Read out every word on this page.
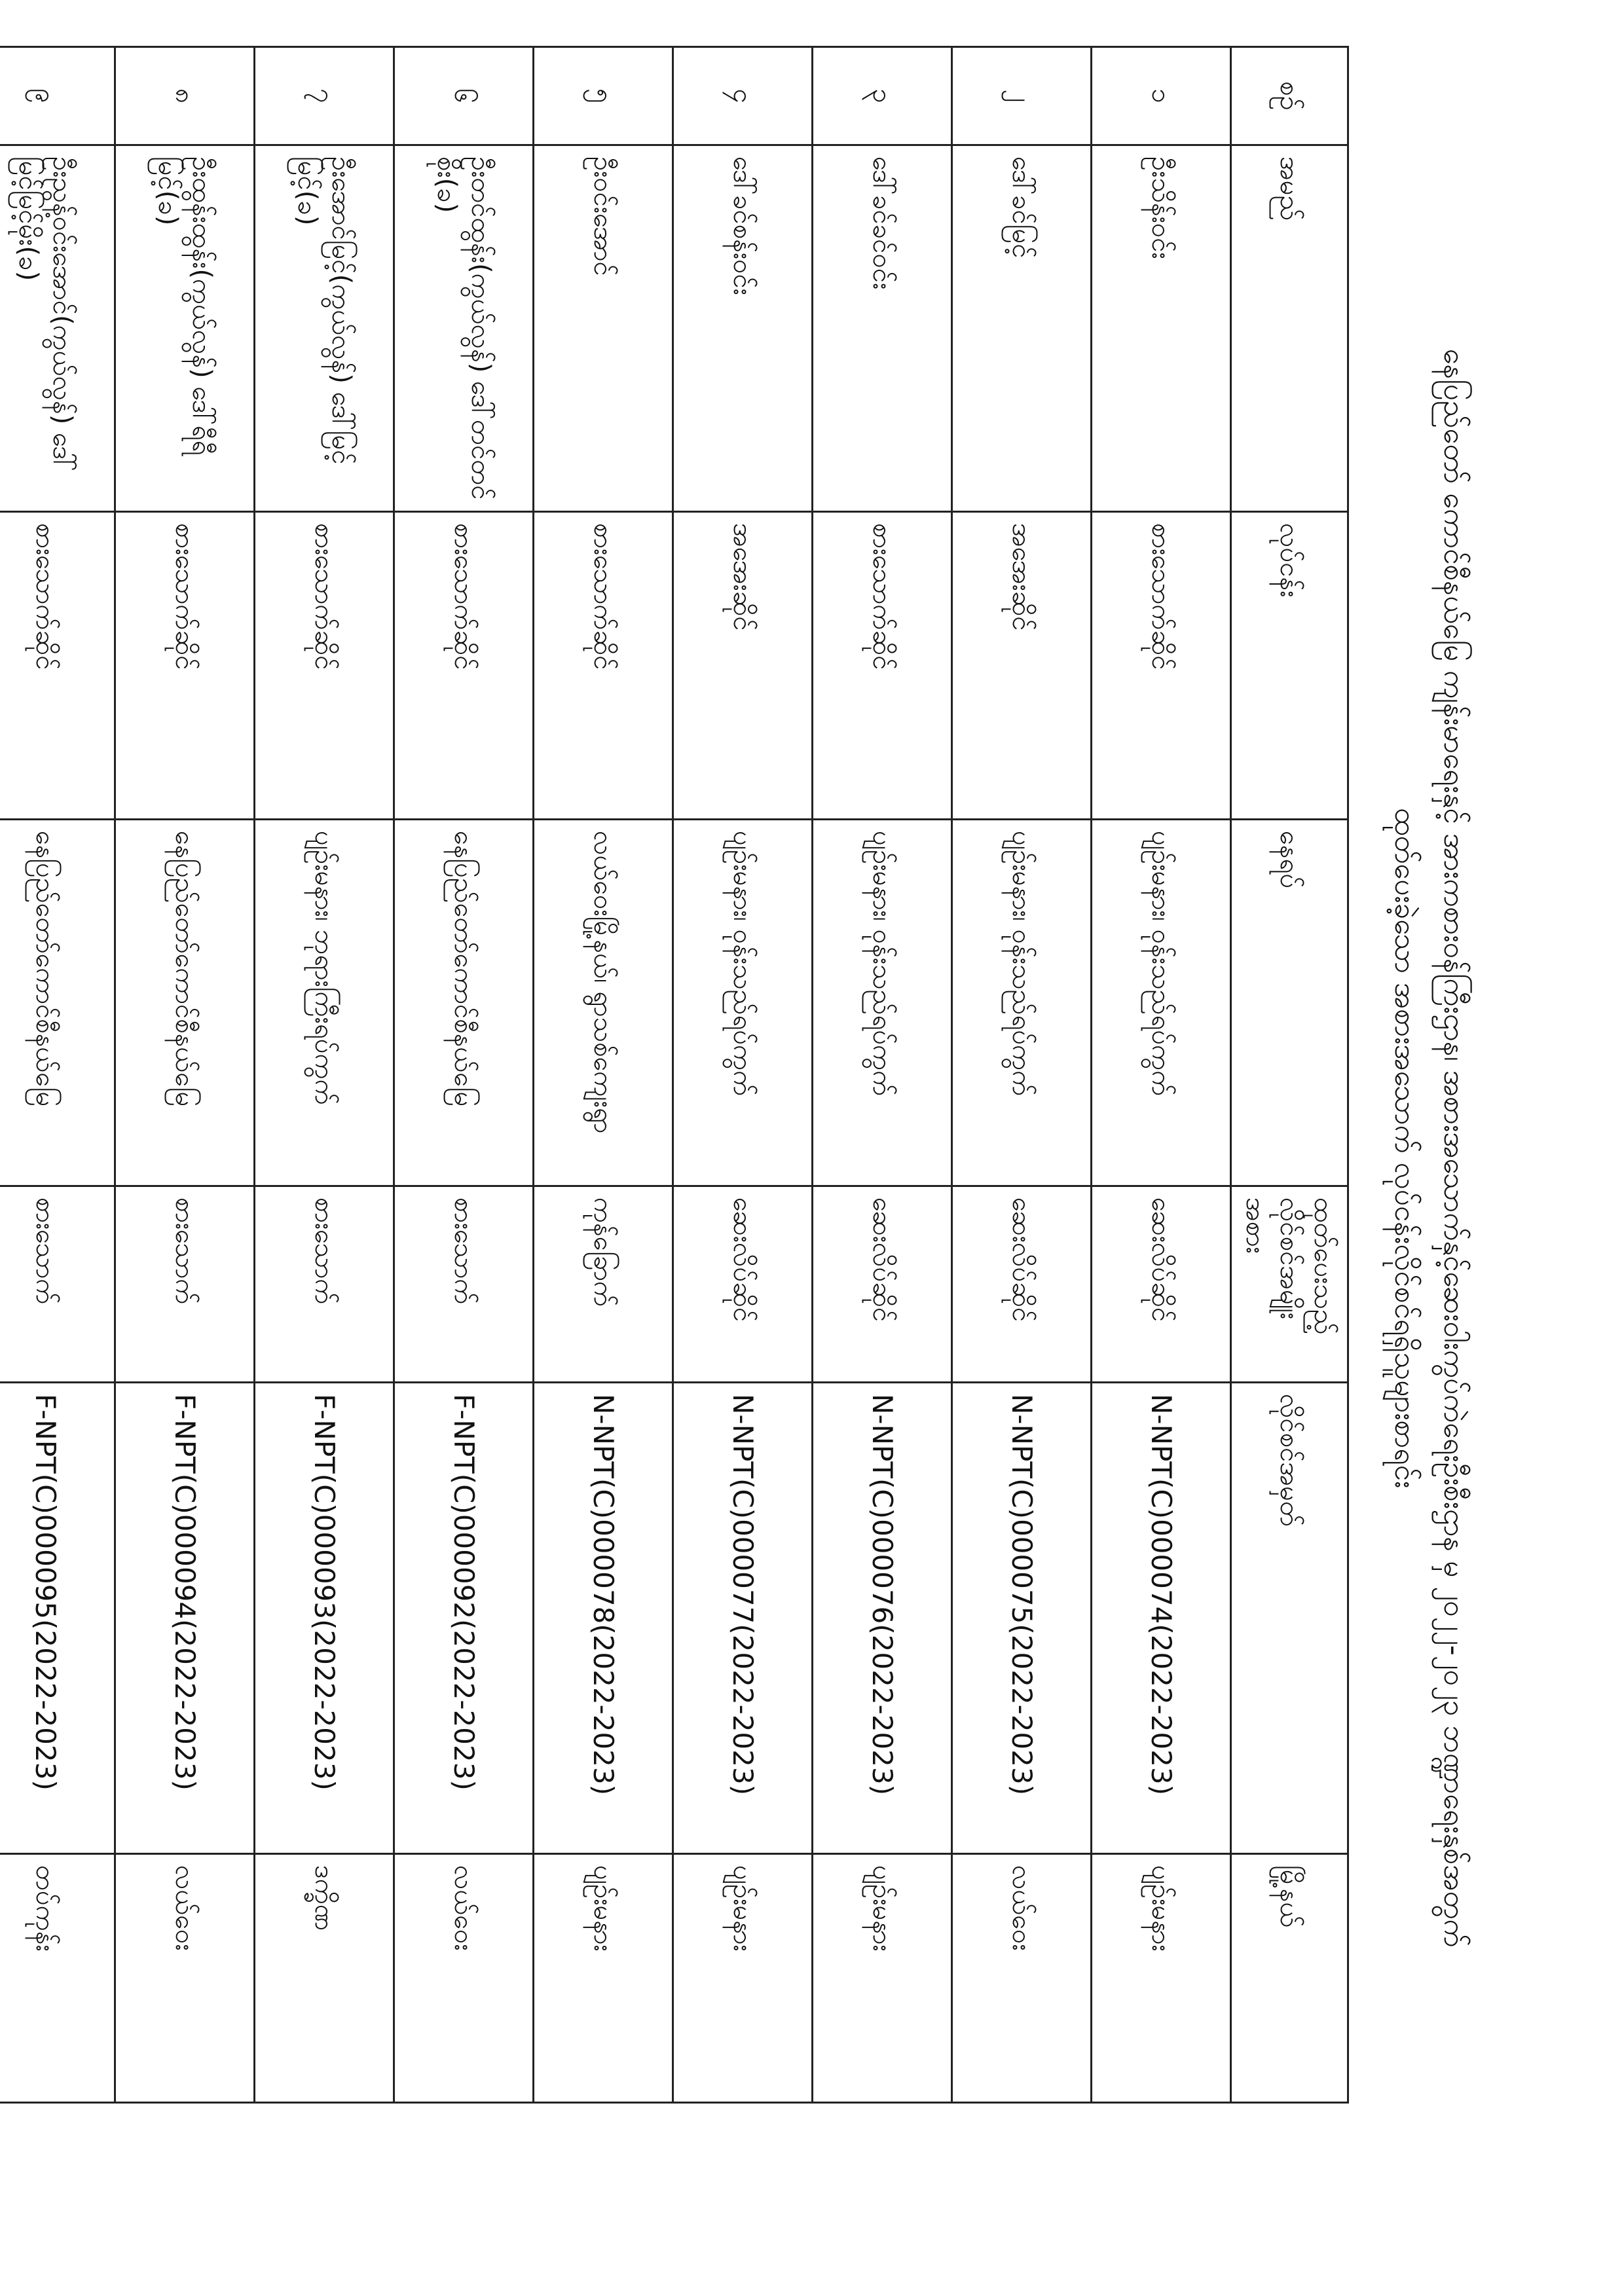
နေပြည်တော် ကောင်စီနယ်မြေ ကျန်းမာရေးနှင့် အားကစားဝန်ကြီးဌာန၊ အစားအသောက်နှင့်ဆေးဝါးကွပ်ကဲရေးဦးစီးဌာန မှ ၂၀၂၂-၂၀၂၃ ဘဏ္ဍာရေးနှစ်အတွက်
ထုတ်ပေးခဲ့သော အစားအသောက် လုပ်ငန်းလိုင်စင်ရရှိသူများစာရင်း
စဉ်	အမည်	လုပ်ငန်း	နေရပ်	ထုတ်ပေးသည့် လိုင်စင်အမျိုးအစား	လိုင်စင်အမှတ်	မြို့နယ်
၁	ဦးသိန်းဝင်း	စားသောက်ဆိုင်	ပျဉ်းမနား၊ ဝုန်းသည်ရပ်ကွက်	ဆေးလိပ်ဆိုင်	N-NPT(C)000074(2022-2023)	ပျဉ်းမနား
၂	ဒေါ်ခင်မြင့်	အအေးဆိုင်	ပျဉ်းမနား၊ ဝုန်းသည်ရပ်ကွက်	ဆေးလိပ်ဆိုင်	N-NPT(C)000075(2022-2023)	လယ်ဝေး
၃	ဒေါ်ခင်ခင်ဝင်း	စားသောက်ဆိုင်	ပျဉ်းမနား၊ ဝုန်းသည်ရပ်ကွက်	ဆေးလိပ်ဆိုင်	N-NPT(C)000076(2022-2023)	ပျဉ်းမနား
၄	ဒေါ်ခင်စန်းဝင်း	အအေးဆိုင်	ပျဉ်းမနား၊ ဝုန်းသည်ရပ်ကွက်	ဆေးလိပ်ဆိုင်	N-NPT(C)000077(2022-2023)	ပျဉ်းမနား
၅	ဦးဝင်းအောင်	စားသောက်ဆိုင်	လယ်ဝေးမြို့နယ်၊ ရွာသစ်ကျေးရွာ	ကုန်ခြောက်	N-NPT(C)000078(2022-2023)	ပျဉ်းမနား
၆	ဦးတင်ထွန်း(ကွယ်လွန်) ဒေါ်တင်တင်စိုး(ခ)	စားသောက်ဆိုင်	နေပြည်တော်ကောင်စီနယ်မြေ	စားသောက်	F-NPT(C)000092(2022-2023)	လယ်ဝေး
၇	ဦးအောင်မြင့်(ကွယ်လွန်) ဒေါ်မြင့်မြင့်(ခ)	စားသောက်ဆိုင်	ပျဉ်းမနား၊ ဘုရားကြီးရပ်ကွက်	စားသောက်	F-NPT(C)000093(2022-2023)	ဒက္ခိဏ
၈	ဦးထွန်းထွန်း(ကွယ်လွန်) ဒေါ်ရီရီမြင့်(ခ)	စားသောက်ဆိုင်	နေပြည်တော်ကောင်စီနယ်မြေ	စားသောက်	F-NPT(C)000094(2022-2023)	လယ်ဝေး
၉	ဦးညွန့်ဝင်းအောင်(ကွယ်လွန်) ဒေါ်မြင့်မြင့်မိုး(ခ)	စားသောက်ဆိုင်	နေပြည်တော်ကောင်စီနယ်မြေ	စားသောက်	F-NPT(C)000095(2022-2023)	တပ်ကုန်း
